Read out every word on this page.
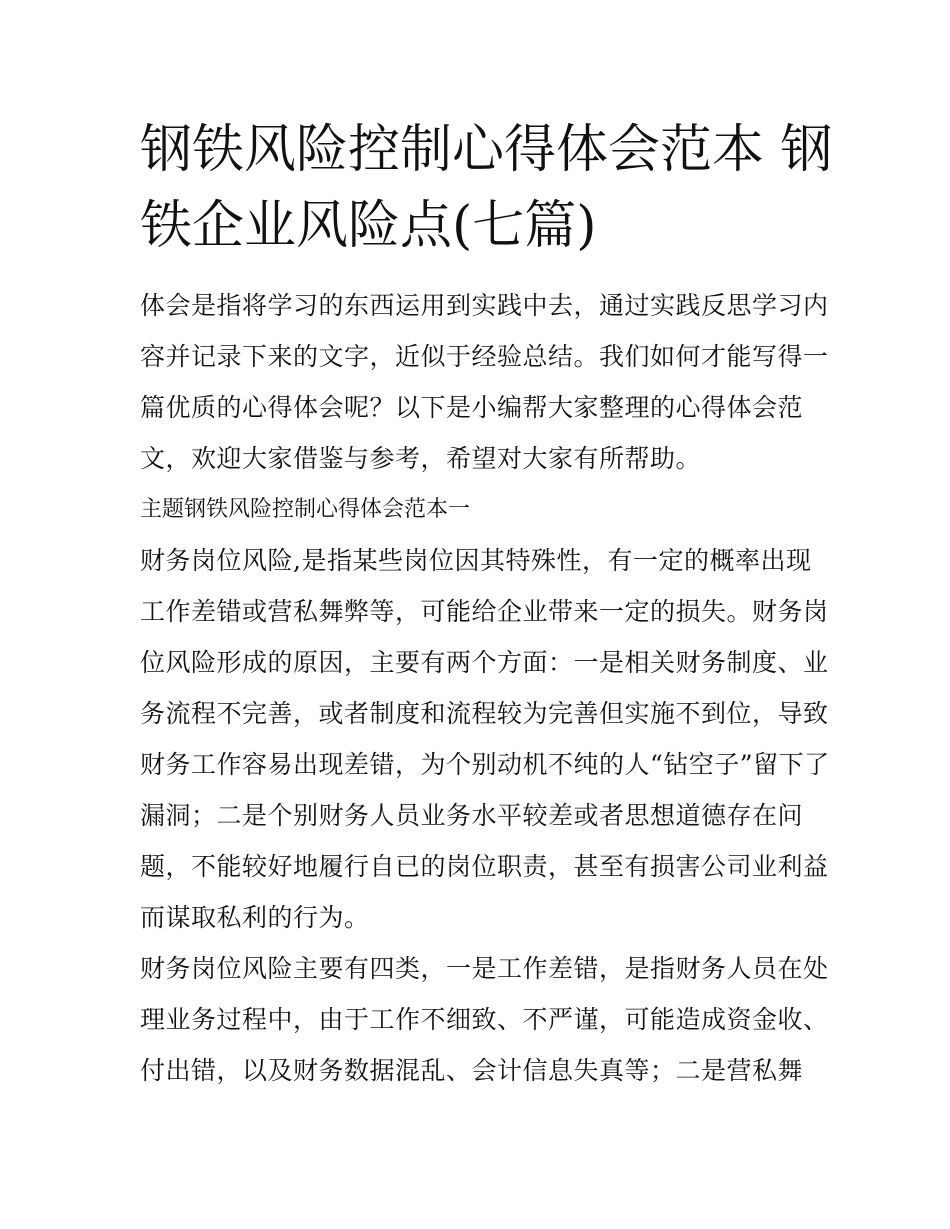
钢铁风险控制心得体会范本 钢
铁企业风险点(七篇)

体会是指将学习的东西运用到实践中去，通过实践反思学习内
容并记录下来的文字，近似于经验总结。我们如何才能写得一
篇优质的心得体会呢？以下是小编帮大家整理的心得体会范
文，欢迎大家借鉴与参考，希望对大家有所帮助。

主题钢铁风险控制心得体会范本一

财务岗位风险,是指某些岗位因其特殊性，有一定的概率出现
工作差错或营私舞弊等，可能给企业带来一定的损失。财务岗
位风险形成的原因，主要有两个方面：一是相关财务制度、业
务流程不完善，或者制度和流程较为完善但实施不到位，导致
财务工作容易出现差错，为个别动机不纯的人“钻空子”留下了
漏洞；二是个别财务人员业务水平较差或者思想道德存在问
题，不能较好地履行自已的岗位职责，甚至有损害公司业利益
而谋取私利的行为。

财务岗位风险主要有四类，一是工作差错，是指财务人员在处
理业务过程中，由于工作不细致、不严谨，可能造成资金收、
付出错，以及财务数据混乱、会计信息失真等；二是营私舞
